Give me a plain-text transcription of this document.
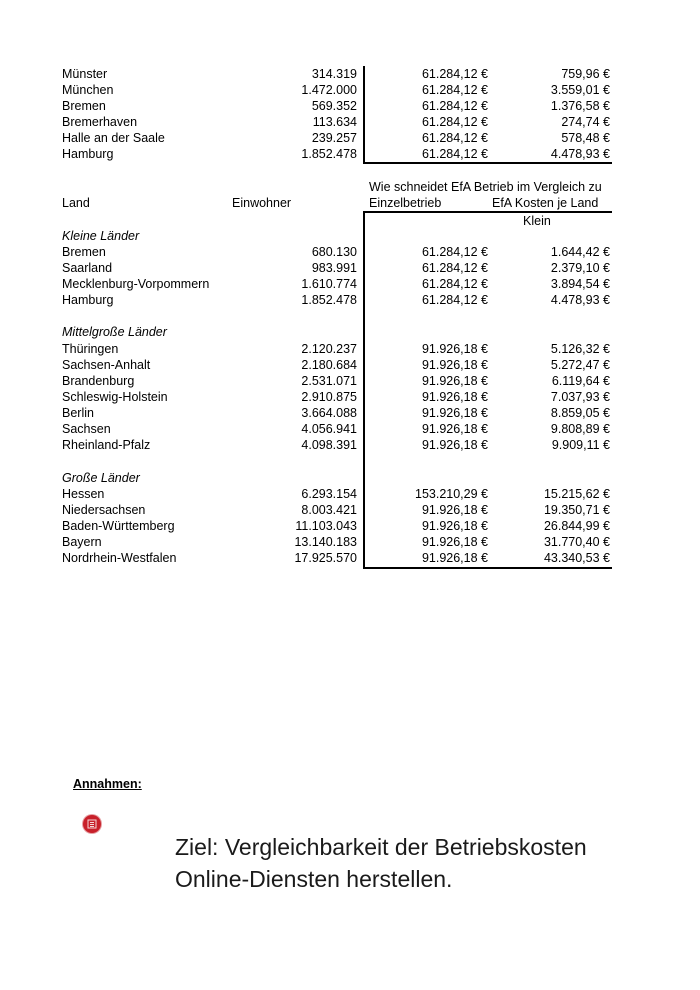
Münster	314.319	61.284,12 €	759,96 €
München	1.472.000	61.284,12 €	3.559,01 €
Bremen	569.352	61.284,12 €	1.376,58 €
Bremerhaven	113.634	61.284,12 €	274,74 €
Halle an der Saale	239.257	61.284,12 €	578,48 €
Hamburg	1.852.478	61.284,12 €	4.478,93 €
Wie schneidet EfA Betrieb im Vergleich zu
Land	Einwohner	Einzelbetrieb	EfA Kosten je Land
Klein
Kleine Länder
Bremen	680.130	61.284,12 €	1.644,42 €
Saarland	983.991	61.284,12 €	2.379,10 €
Mecklenburg-Vorpommern	1.610.774	61.284,12 €	3.894,54 €
Hamburg	1.852.478	61.284,12 €	4.478,93 €
Mittelgroße Länder
Thüringen	2.120.237	91.926,18 €	5.126,32 €
Sachsen-Anhalt	2.180.684	91.926,18 €	5.272,47 €
Brandenburg	2.531.071	91.926,18 €	6.119,64 €
Schleswig-Holstein	2.910.875	91.926,18 €	7.037,93 €
Berlin	3.664.088	91.926,18 €	8.859,05 €
Sachsen	4.056.941	91.926,18 €	9.808,89 €
Rheinland-Pfalz	4.098.391	91.926,18 €	9.909,11 €
Große Länder
Hessen	6.293.154	153.210,29 €	15.215,62 €
Niedersachsen	8.003.421	91.926,18 €	19.350,71 €
Baden-Württemberg	11.103.043	91.926,18 €	26.844,99 €
Bayern	13.140.183	91.926,18 €	31.770,40 €
Nordrhein-Westfalen	17.925.570	91.926,18 €	43.340,53 €
Annahmen:
Ziel: Vergleichbarkeit der Betriebskosten
Online-Diensten herstellen.
